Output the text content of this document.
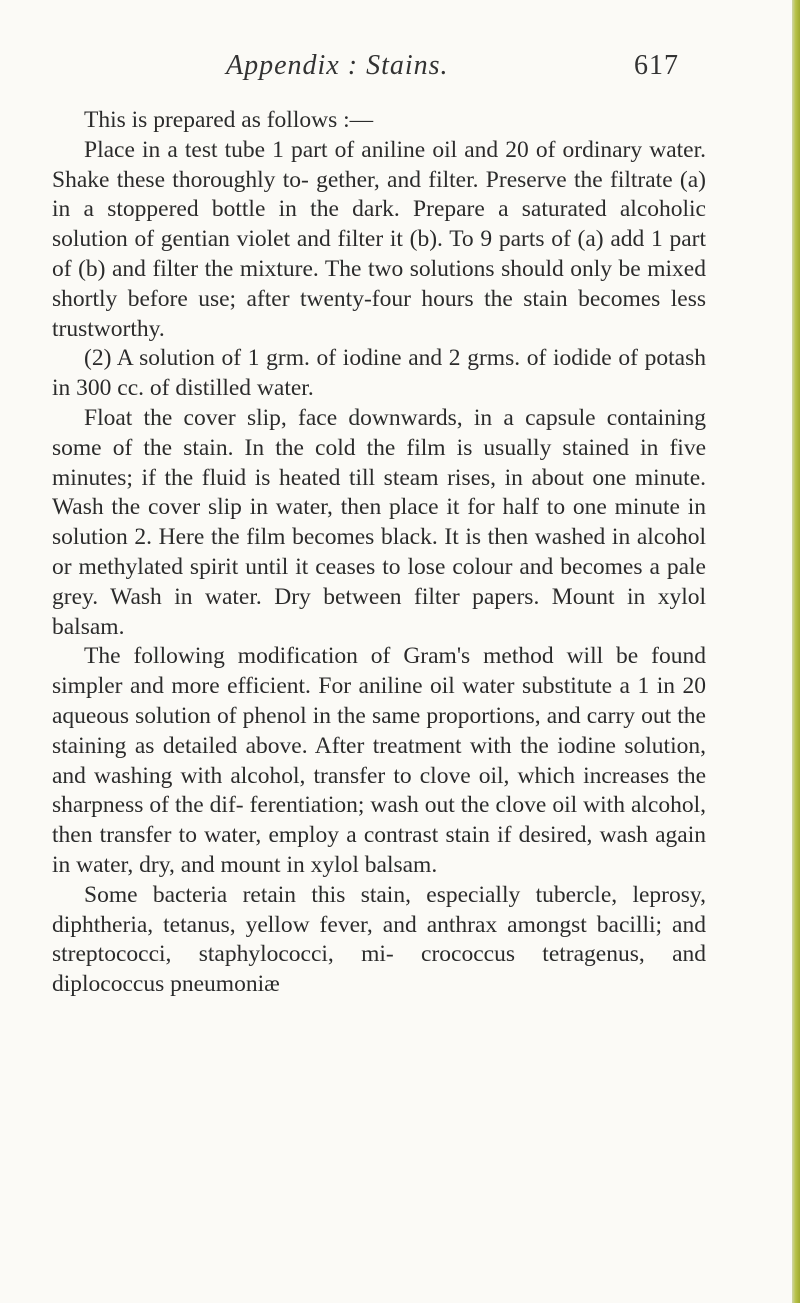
Appendix : Stains.	617

This is prepared as follows :—

Place in a test tube 1 part of aniline oil and 20 of ordinary water. Shake these thoroughly to- gether, and filter. Preserve the filtrate (a) in a stoppered bottle in the dark. Prepare a saturated alcoholic solution of gentian violet and filter it (b). To 9 parts of (a) add 1 part of (b) and filter the mixture. The two solutions should only be mixed shortly before use; after twenty-four hours the stain becomes less trustworthy.

(2) A solution of 1 grm. of iodine and 2 grms. of iodide of potash in 300 cc. of distilled water.

Float the cover slip, face downwards, in a capsule containing some of the stain. In the cold the film is usually stained in five minutes; if the fluid is heated till steam rises, in about one minute. Wash the cover slip in water, then place it for half to one minute in solution 2. Here the film becomes black. It is then washed in alcohol or methylated spirit until it ceases to lose colour and becomes a pale grey. Wash in water. Dry between filter papers. Mount in xylol balsam.

The following modification of Gram's method will be found simpler and more efficient. For aniline oil water substitute a 1 in 20 aqueous solution of phenol in the same proportions, and carry out the staining as detailed above. After treatment with the iodine solution, and washing with alcohol, transfer to clove oil, which increases the sharpness of the dif- ferentiation; wash out the clove oil with alcohol, then transfer to water, employ a contrast stain if desired, wash again in water, dry, and mount in xylol balsam.

Some bacteria retain this stain, especially tubercle, leprosy, diphtheria, tetanus, yellow fever, and anthrax amongst bacilli; and streptococci, staphylococci, mi- crococcus tetragenus, and diplococcus pneumoniæ
